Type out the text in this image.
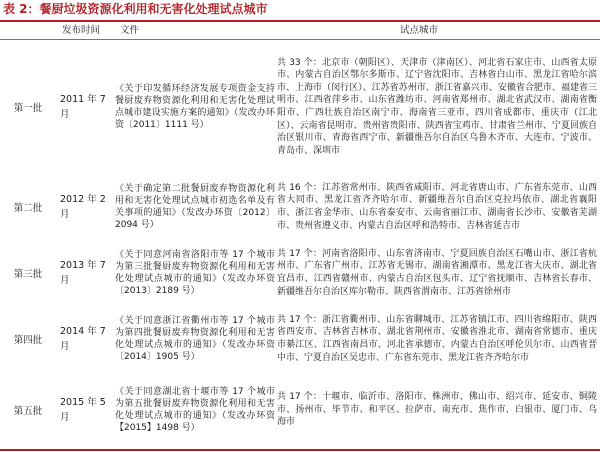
表 2：餐厨垃圾资源化利用和无害化处理试点城市
发布时间 文件	试点城市
第一批
2011 年 7 月
《关于印发循环经济发展专项资金支持餐厨废弃物资源化利用和无害化处理试点城市建设实施方案的通知》（发改办环资〔2011〕1111 号）
共 33 个：北京市（朝阳区）、天津市（津南区）、河北省石家庄市、山西省太原市、内蒙古自治区鄂尔多斯市、辽宁省沈阳市、吉林省白山市、黑龙江省哈尔滨市、上海市（闵行区）、江苏省苏州市、浙江省嘉兴市、安徽省合肥市、福建省三明市、江西省萍乡市、山东省潍坊市、河南省郑州市、湖北省武汉市、湖南省衡阳市、广西壮族自治区南宁市、海南省三亚市、四川省成都市、重庆市（江北区）、云南省昆明市、贵州省贵阳市、陕西省宝鸡市、甘肃省兰州市、宁夏回族自治区银川市、青海省西宁市、新疆维吾尔自治区乌鲁木齐市、大连市、宁波市、青岛市、深圳市
第二批
2012 年 2 月
《关于确定第二批餐厨废弃物资源化利用和无害化处理试点城市初选名单及有关事项的通知》（发改办环资〔2012〕2094 号）
共 16 个：江苏省常州市、陕西省咸阳市、河北省唐山市、广东省东莞市、山西省大同市、黑龙江省齐齐哈尔市、新疆维吾尔自治区克拉玛依市、湖北省襄阳市、浙江省金华市、山东省泰安市、云南省丽江市、湖南省长沙市、安徽省芜湖市、贵州省遵义市、内蒙古自治区呼和浩特市、吉林省延吉市
第三批
2013 年 7 月
《关于同意河南省洛阳市等 17 个城市为第三批餐厨废弃物资源化利用和无害化处理试点城市的通知》（发改办环资〔2013〕2189 号）
共 17 个：河南省洛阳市、山东省济南市、宁夏回族自治区石嘴山市、浙江省杭州市、广东省广州市、江苏省无锡市、湖南省湘潭市、黑龙江省大庆市、湖北省宜昌市、江西省赣州市、内蒙古自治区包头市、辽宁省抚顺市、吉林省长春市、新疆维吾尔自治区库尔勒市、陕西省渭南市、江苏省徐州市
第四批
2014 年 7 月
《关于同意浙江省衢州市等 17 个城市为第四批餐厨废弃物资源化利用和无害化处理试点城市的通知》（发改办环资〔2014〕1905 号）
共 17 个：浙江省衢州市、山东省聊城市、江苏省镇江市、四川省绵阳市、陕西省西安市、吉林省吉林市、湖北省荆州市、安徽省淮北市、湖南省常德市、重庆市綦江区、江西省南昌市、河北省承德市、内蒙古自治区呼伦贝尔市、山西省晋中市、宁夏自治区吴忠市、广东省东莞市、黑龙江省齐齐哈尔市
第五批
2015 年 5 月
《关于同意湖北省十堰市等 17 个城市为第五批餐厨废弃物资源化利用和无害化处理试点城市的通知》（发改办环资【2015】1498 号）
共 17 个：十堰市、临沂市、洛阳市、株洲市、佛山市、绍兴市、延安市、铜陵市、扬州市、毕节市、和平区、拉萨市、南充市、焦作市、白银市、厦门市、乌海市
